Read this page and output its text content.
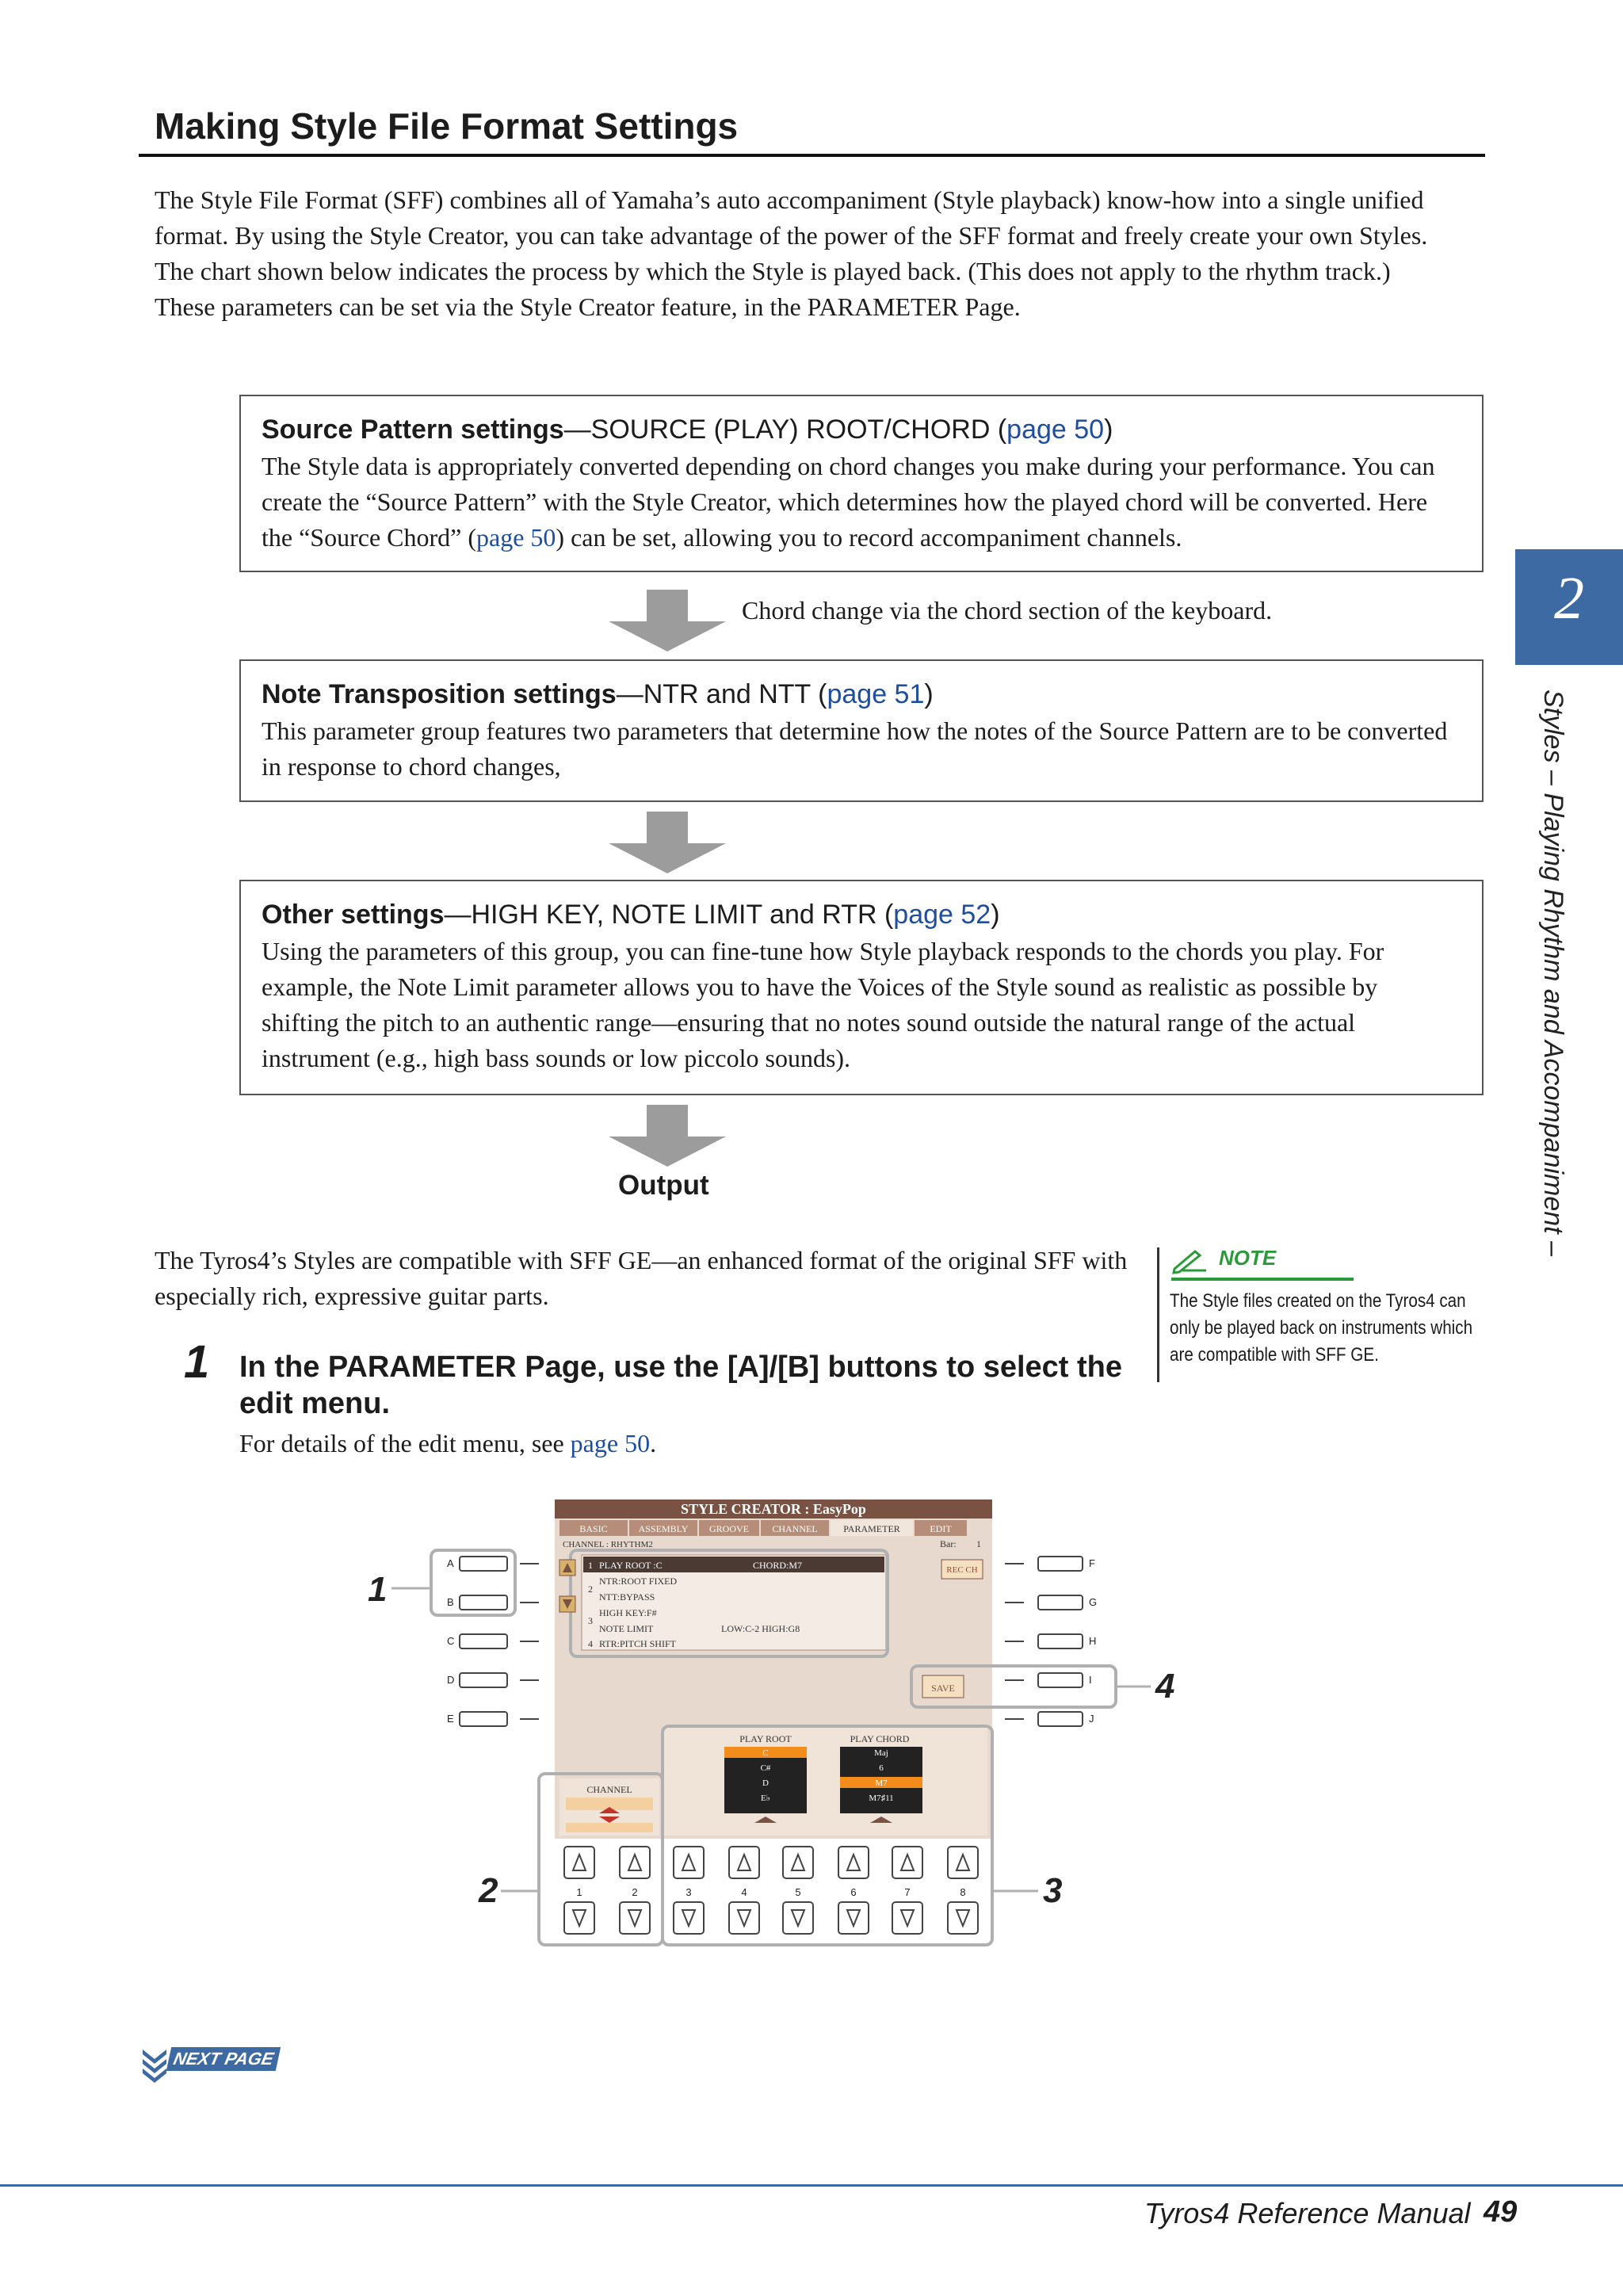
Making Style File Format Settings
The Style File Format (SFF) combines all of Yamaha’s auto accompaniment (Style playback) know-how into a single unified format. By using the Style Creator, you can take advantage of the power of the SFF format and freely create your own Styles.
The chart shown below indicates the process by which the Style is played back. (This does not apply to the rhythm track.)
These parameters can be set via the Style Creator feature, in the PARAMETER Page.
Source Pattern settings—SOURCE (PLAY) ROOT/CHORD (page 50)
The Style data is appropriately converted depending on chord changes you make during your performance. You can create the “Source Pattern” with the Style Creator, which determines how the played chord will be converted. Here the “Source Chord” (page 50) can be set, allowing you to record accompaniment channels.
Chord change via the chord section of the keyboard.
Note Transposition settings—NTR and NTT (page 51)
This parameter group features two parameters that determine how the notes of the Source Pattern are to be converted in response to chord changes,
Other settings—HIGH KEY, NOTE LIMIT and RTR (page 52)
Using the parameters of this group, you can fine-tune how Style playback responds to the chords you play. For example, the Note Limit parameter allows you to have the Voices of the Style sound as realistic as possible by shifting the pitch to an authentic range—ensuring that no notes sound outside the natural range of the actual instrument (e.g., high bass sounds or low piccolo sounds).
Output
2
Styles – Playing Rhythm and Accompaniment –
The Tyros4’s Styles are compatible with SFF GE—an enhanced format of the original SFF with especially rich, expressive guitar parts.
NOTE
The Style files created on the Tyros4 can only be played back on instruments which are compatible with SFF GE.
1 In the PARAMETER Page, use the [A]/[B] buttons to select the edit menu.
For details of the edit menu, see page 50.
STYLE CREATOR : EasyPop
BASIC	ASSEMBLY GROOVE CHANNEL	PARAMETER	EDIT
CHANNEL : RHYTHM2	Bar: 1
1 PLAY ROOT :C	CHORD:M7
NTR:ROOT FIXED
2
NTT:BYPASS
HIGH KEY:F#
3
NOTE LIMIT	LOW:C-2 HIGH:G8
4 RTR:PITCH SHIFT
REC CH
SAVE
PLAY ROOT	PLAY CHORD
C
C#
D
E♭
Maj
6
M7
M7♯11
CHANNEL
A
B
C
D
E
F
G
H
I
J
1	2	3	4	5	6	7	8
1
2	3
4
NEXT PAGE
Tyros4 Reference Manual 49
